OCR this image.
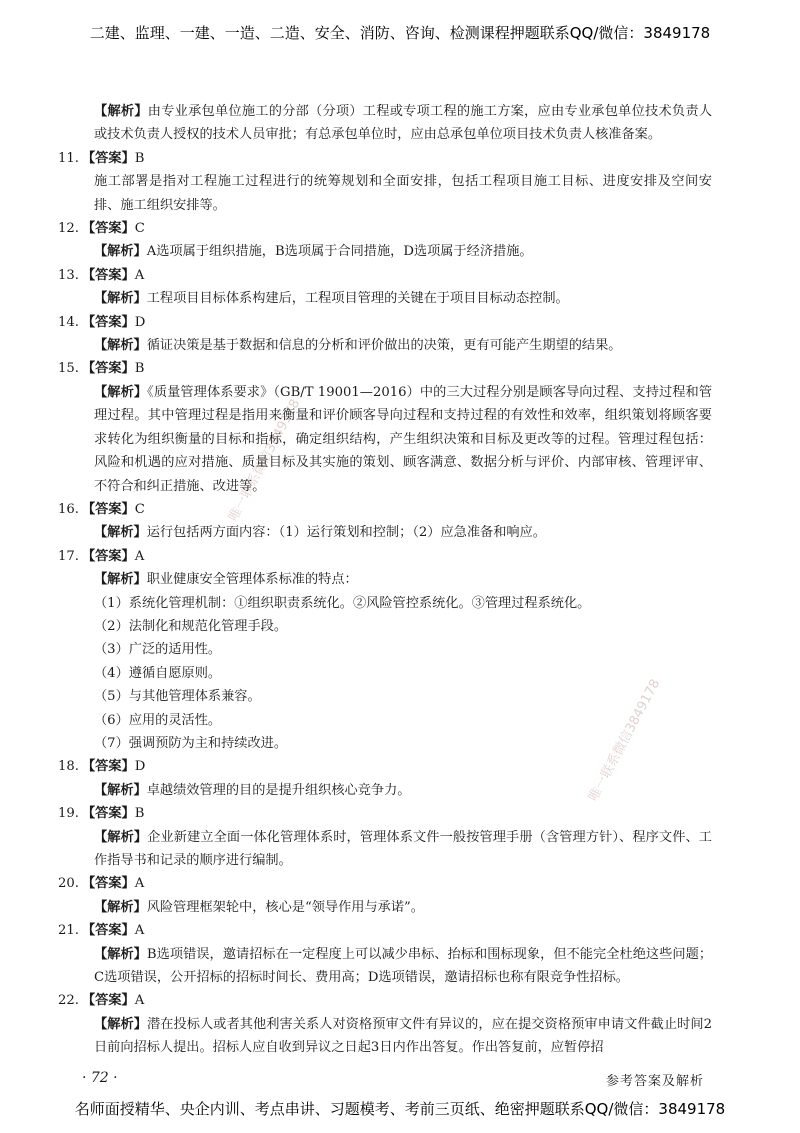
二建、监理、一建、一造、二造、安全、消防、咨询、检测课程押题联系QQ/微信：3849178
唯一联系微信3849178
唯一联系微信3849178
【解析】由专业承包单位施工的分部（分项）工程或专项工程的施工方案，应由专业承包单位技术负责人或技术负责人授权的技术人员审批；有总承包单位时，应由总承包单位项目技术负责人核准备案。
11. 【答案】B
施工部署是指对工程施工过程进行的统筹规划和全面安排，包括工程项目施工目标、进度安排及空间安排、施工组织安排等。
12. 【答案】C
【解析】A选项属于组织措施，B选项属于合同措施，D选项属于经济措施。
13. 【答案】A
【解析】工程项目目标体系构建后，工程项目管理的关键在于项目目标动态控制。
14. 【答案】D
【解析】循证决策是基于数据和信息的分析和评价做出的决策，更有可能产生期望的结果。
15. 【答案】B
【解析】《质量管理体系要求》（GB/T 19001—2016）中的三大过程分别是顾客导向过程、支持过程和管理过程。其中管理过程是指用来衡量和评价顾客导向过程和支持过程的有效性和效率，组织策划将顾客要求转化为组织衡量的目标和指标，确定组织结构，产生组织决策和目标及更改等的过程。管理过程包括：风险和机遇的应对措施、质量目标及其实施的策划、顾客满意、数据分析与评价、内部审核、管理评审、不符合和纠正措施、改进等。
16. 【答案】C
【解析】运行包括两方面内容：（1）运行策划和控制；（2）应急准备和响应。
17. 【答案】A
【解析】职业健康安全管理体系标准的特点：
（1）系统化管理机制：①组织职责系统化。②风险管控系统化。③管理过程系统化。
（2）法制化和规范化管理手段。
（3）广泛的适用性。
（4）遵循自愿原则。
（5）与其他管理体系兼容。
（6）应用的灵活性。
（7）强调预防为主和持续改进。
18. 【答案】D
【解析】卓越绩效管理的目的是提升组织核心竞争力。
19. 【答案】B
【解析】企业新建立全面一体化管理体系时，管理体系文件一般按管理手册（含管理方针）、程序文件、工作指导书和记录的顺序进行编制。
20. 【答案】A
【解析】风险管理框架轮中，核心是“领导作用与承诺”。
21. 【答案】A
【解析】B选项错误，邀请招标在一定程度上可以减少串标、抬标和围标现象，但不能完全杜绝这些问题；C选项错误，公开招标的招标时间长、费用高；D选项错误，邀请招标也称有限竞争性招标。
22. 【答案】A
【解析】潜在投标人或者其他利害关系人对资格预审文件有异议的，应在提交资格预审申请文件截止时间2日前向招标人提出。招标人应自收到异议之日起3日内作出答复。作出答复前，应暂停招
· 72 ·	参考答案及解析
名师面授精华、央企内训、考点串讲、习题模考、考前三页纸、绝密押题联系QQ/微信：3849178
